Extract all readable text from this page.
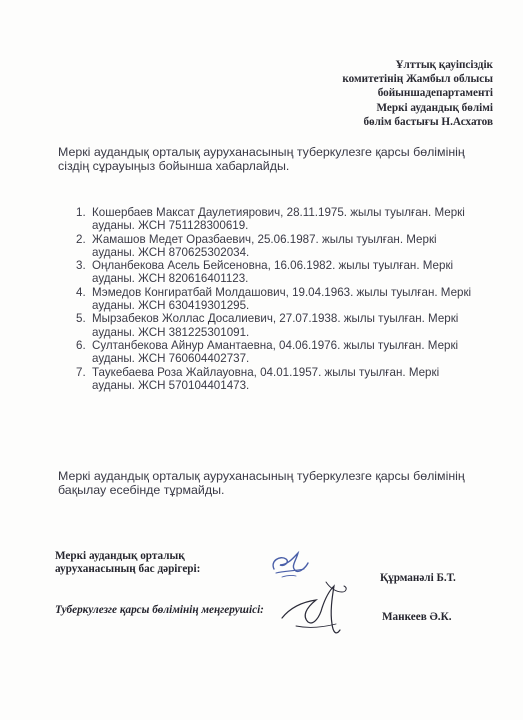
Ұлттық қауіпсіздік
комитетінің Жамбыл облысы
бойыншадепартаменті
Меркі аудандық бөлімі
бөлім бастығы Н.Асхатов
Меркі аудандық орталық ауруханасының туберкулезге қарсы бөлімінің
сіздің сұрауыңыз бойынша хабарлайды.
1. Кошербаев Максат Даулетиярович, 28.11.1975. жылы туылған. Меркі
ауданы. ЖСН 751128300619.
2. Жамашов Медет Оразбаевич, 25.06.1987. жылы туылған. Меркі
ауданы. ЖСН 870625302034.
3. Оңланбекова Асель Бейсеновна, 16.06.1982. жылы туылған. Меркі
ауданы. ЖСН 820616401123.
4. Мэмедов Конгиратбай Молдашович, 19.04.1963. жылы туылған. Меркі
ауданы. ЖСН 630419301295.
5. Мырзабеков Жоллас Досалиевич, 27.07.1938. жылы туылған. Меркі
ауданы. ЖСН 381225301091.
6. Султанбекова Айнур Амантаевна, 04.06.1976. жылы туылған. Меркі
ауданы. ЖСН 760604402737.
7. Таукебаева Роза Жайлауовна, 04.01.1957. жылы туылған. Меркі
ауданы. ЖСН 570104401473.
Меркі аудандық орталық ауруханасының туберкулезге қарсы бөлімінің
бақылау есебінде тұрмайды.
Меркі аудандық орталық
ауруханасының бас дәрігері:
Құрманәлі Б.Т.
Туберкулезге қарсы бөлімінің меңгерушісі:
Манкеев Ә.К.
